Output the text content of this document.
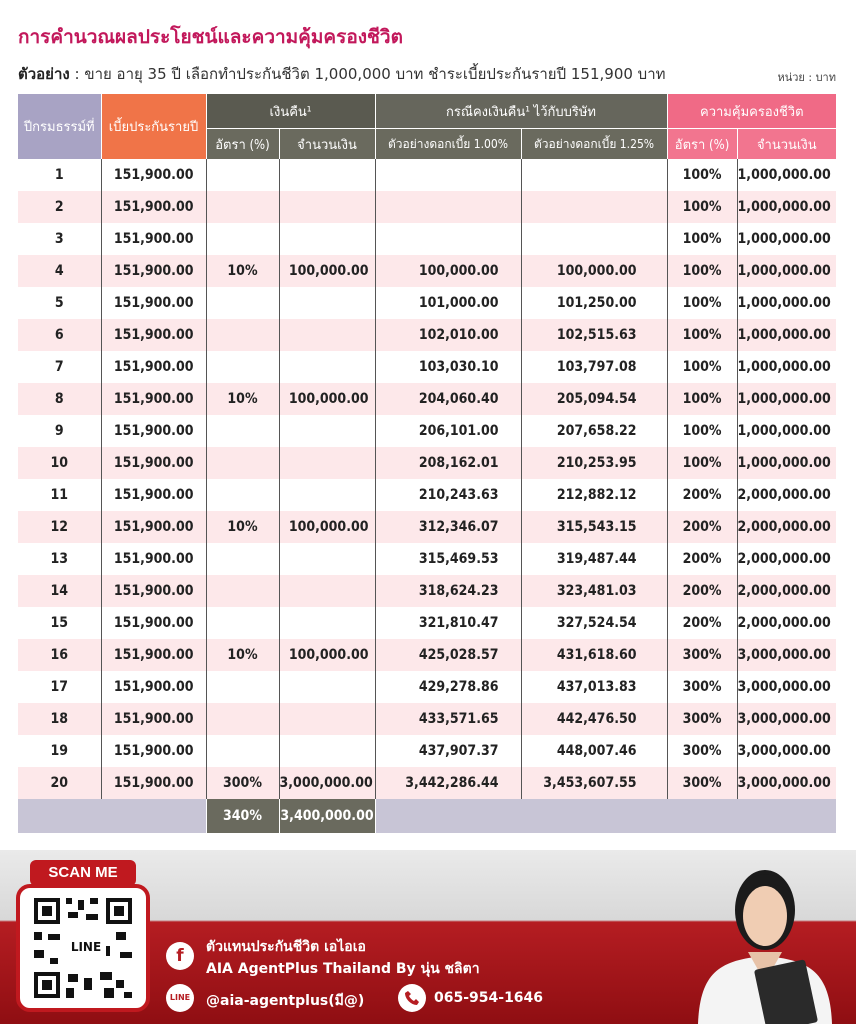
การคำนวณผลประโยชน์และความคุ้มครองชีวิต
ตัวอย่าง : ขาย อายุ 35 ปี เลือกทำประกันชีวิต 1,000,000 บาท ชำระเบี้ยประกันรายปี 151,900 บาท	หน่วย : บาท
ปีกรมธรรม์ที่	เบี้ยประกันรายปี	เงินคืน¹		กรณีคงเงินคืน¹ ไว้กับบริษัท		ความคุ้มครองชีวิต	
		อัตรา (%)	จำนวนเงิน	ตัวอย่างดอกเบี้ย 1.00%	ตัวอย่างดอกเบี้ย 1.25%	อัตรา (%)	จำนวนเงิน
1	151,900.00					100%	1,000,000.00
2	151,900.00					100%	1,000,000.00
3	151,900.00					100%	1,000,000.00
4	151,900.00	10%	100,000.00	100,000.00	100,000.00	100%	1,000,000.00
5	151,900.00			101,000.00	101,250.00	100%	1,000,000.00
6	151,900.00			102,010.00	102,515.63	100%	1,000,000.00
7	151,900.00			103,030.10	103,797.08	100%	1,000,000.00
8	151,900.00	10%	100,000.00	204,060.40	205,094.54	100%	1,000,000.00
9	151,900.00			206,101.00	207,658.22	100%	1,000,000.00
10	151,900.00			208,162.01	210,253.95	100%	1,000,000.00
11	151,900.00			210,243.63	212,882.12	200%	2,000,000.00
12	151,900.00	10%	100,000.00	312,346.07	315,543.15	200%	2,000,000.00
13	151,900.00			315,469.53	319,487.44	200%	2,000,000.00
14	151,900.00			318,624.23	323,481.03	200%	2,000,000.00
15	151,900.00			321,810.47	327,524.54	200%	2,000,000.00
16	151,900.00	10%	100,000.00	425,028.57	431,618.60	300%	3,000,000.00
17	151,900.00			429,278.86	437,013.83	300%	3,000,000.00
18	151,900.00			433,571.65	442,476.50	300%	3,000,000.00
19	151,900.00			437,907.37	448,007.46	300%	3,000,000.00
20	151,900.00	300%	3,000,000.00	3,442,286.44	3,453,607.55	300%	3,000,000.00
		340%	3,400,000.00				
SCAN ME
LINE	f	ตัวแทนประกันชีวิต เอไอเอ
AIA AgentPlus Thailand By นุ่น ชลิตา
LINE @aia-agentplus(มี@)	065-954-1646
